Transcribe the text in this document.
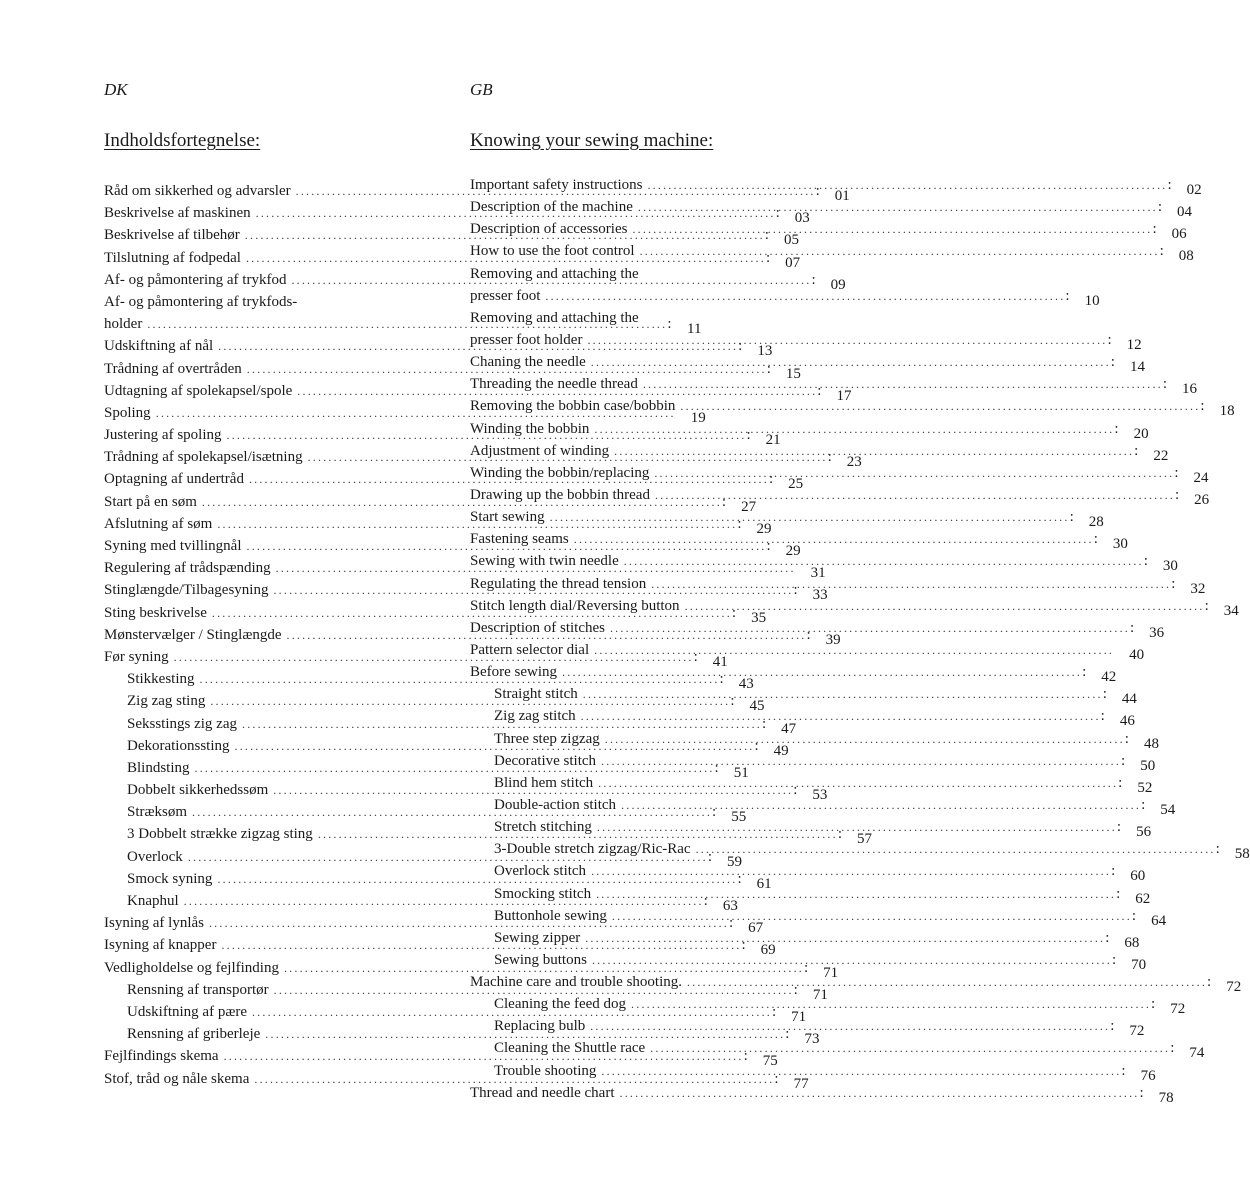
DK
Indholdsfortegnelse:
Råd om sikkerhed og advarsler .....	:	01
Beskrivelse af maskinen .....	:	03
Beskrivelse af tilbehør .....	:	05
Tilslutning af fodpedal .....	:	07
Af- og påmontering af trykfod .....	:	09
Af- og påmontering af trykfods-
holder .....	:	11
Udskiftning af nål .....	:	13
Trådning af overtråden .....	:	15
Udtagning af spolekapsel/spole .....	:	17
Spoling .....	19
Justering af spoling .....	:	21
Trådning af spolekapsel/isætning .....	:	23
Optagning af undertråd .....	:	25
Start på en søm .....	:	27
Afslutning af søm .....	:	29
Syning med tvillingnål .....	:	29
Regulering af trådspænding .....	31
Stinglængde/Tilbagesyning .....	:	33
Sting beskrivelse .....	:	35
Mønstervælger / Stinglængde .....	:	39
Før syning .....	:	41
Stikkesting .....	:	43
Zig zag sting .....	:	45
Seksstings zig zag .....	:	47
Dekorationssting .....	:	49
Blindsting .....	:	51
Dobbelt sikkerhedssøm .....	:	53
Stræksøm .....	:	55
3 Dobbelt strække zigzag sting .....	:	57
Overlock .....	:	59
Smock syning .....	:	61
Knaphul .....	:	63
Isyning af lynlås .....	:	67
Isyning af knapper .....	:	69
Vedligholdelse og fejlfinding .....	:	71
Rensning af transportør .....	:	71
Udskiftning af pære .....	:	71
Rensning af griberleje .....	:	73
Fejlfindings skema .....	:	75
Stof, tråd og nåle skema .....	:	77
GB
Knowing your sewing machine:
Important safety instructions .....	:	02
Description of the machine .....	:	04
Description of accessories .....	:	06
How to use the foot control .....	:	08
Removing and attaching the
presser foot .....	:	10
Removing and attaching the
presser foot holder .....	:	12
Chaning the needle .....	:	14
Threading the needle thread .....	:	16
Removing the bobbin case/bobbin .....	:	18
Winding the bobbin .....	:	20
Adjustment of winding .....	:	22
Winding the bobbin/replacing .....	:	24
Drawing up the bobbin thread .....	:	26
Start sewing .....	:	28
Fastening seams .....	:	30
Sewing with twin needle .....	:	30
Regulating the thread tension .....	:	32
Stitch length dial/Reversing button .....	:	34
Description of stitches .....	:	36
Pattern selector dial .....	40
Before sewing .....	:	42
Straight stitch .....	:	44
Zig zag stitch .....	:	46
Three step zigzag .....	:	48
Decorative stitch .....	:	50
Blind hem stitch .....	:	52
Double-action stitch .....	:	54
Stretch stitching .....	:	56
3-Double stretch zigzag/Ric-Rac .....	:	58
Overlock stitch .....	:	60
Smocking stitch .....	:	62
Buttonhole sewing .....	:	64
Sewing zipper .....	:	68
Sewing buttons .....	:	70
Machine care and trouble shooting. .....	:	72
Cleaning the feed dog .....	:	72
Replacing bulb .....	:	72
Cleaning the Shuttle race .....	:	74
Trouble shooting .....	:	76
Thread and needle chart .....	:	78
